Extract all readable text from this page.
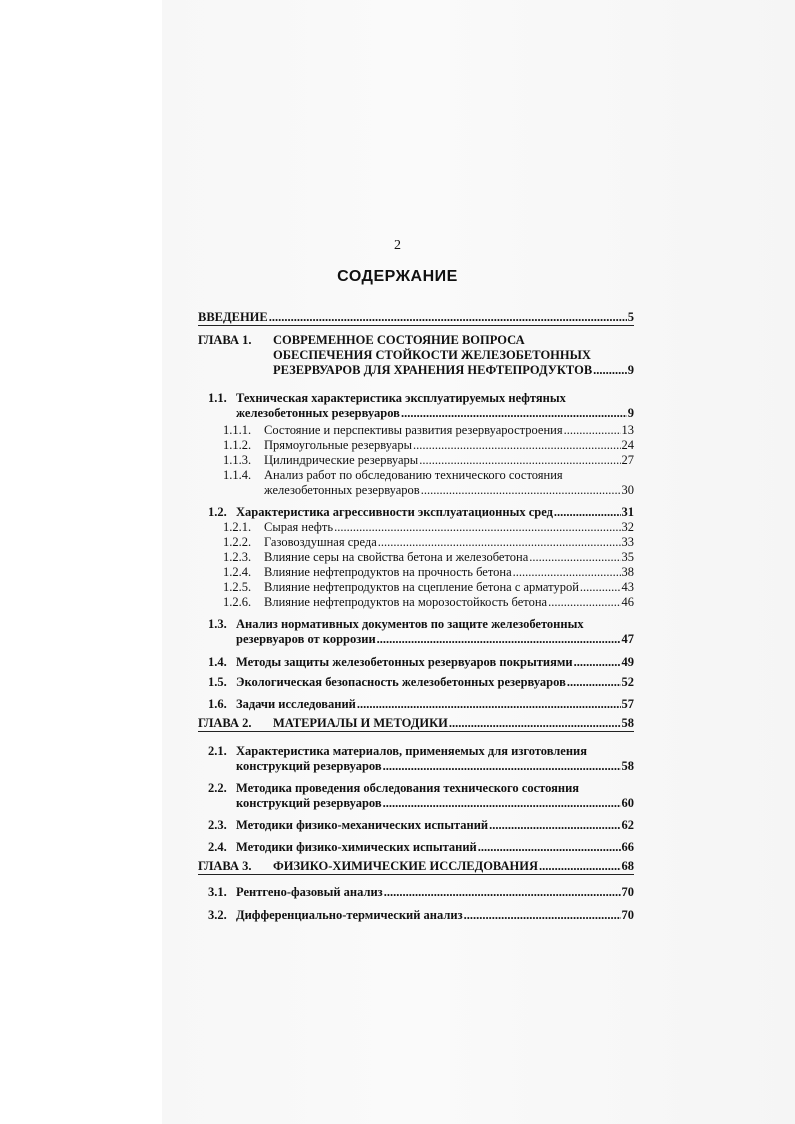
2
СОДЕРЖАНИЕ
ВВЕДЕНИЕ .....	5
ГЛАВА 1.	СОВРЕМЕННОЕ СОСТОЯНИЕ ВОПРОСА
ОБЕСПЕЧЕНИЯ СТОЙКОСТИ ЖЕЛЕЗОБЕТОННЫХ
РЕЗЕРВУАРОВ ДЛЯ ХРАНЕНИЯ НЕФТЕПРОДУКТОВ .....	9
1.1. Техническая характеристика эксплуатируемых нефтяных
железобетонных резервуаров .....	9
1.1.1.	Состояние и перспективы развития резервуаростроения .....	13
1.1.2.	Прямоугольные резервуары .....	24
1.1.3.	Цилиндрические резервуары .....	27
1.1.4.	Анализ работ по обследованию технического состояния
железобетонных резервуаров .....	30
1.2. Характеристика агрессивности эксплуатационных сред .....	31
1.2.1.	Сырая нефть .....	32
1.2.2.	Газовоздушная среда .....	33
1.2.3.	Влияние серы на свойства бетона и железобетона .....	35
1.2.4.	Влияние нефтепродуктов на прочность бетона .....	38
1.2.5.	Влияние нефтепродуктов на сцепление бетона с арматурой .....	43
1.2.6.	Влияние нефтепродуктов на морозостойкость бетона .....	46
1.3. Анализ нормативных документов по защите железобетонных
резервуаров от коррозии .....	47
1.4. Методы защиты железобетонных резервуаров покрытиями .....	49
1.5. Экологическая безопасность железобетонных резервуаров .....	52
1.6. Задачи исследований .....	57
ГЛАВА 2.	МАТЕРИАЛЫ И МЕТОДИКИ .....	58
2.1. Характеристика материалов, применяемых для изготовления
конструкций резервуаров .....	58
2.2. Методика проведения обследования технического состояния
конструкций резервуаров .....	60
2.3. Методики физико-механических испытаний .....	62
2.4. Методики физико-химических испытаний .....	66
ГЛАВА 3.	ФИЗИКО-ХИМИЧЕСКИЕ ИССЛЕДОВАНИЯ .....	68
3.1. Рентгено-фазовый анализ .....	70
3.2. Дифференциально-термический анализ .....	70
